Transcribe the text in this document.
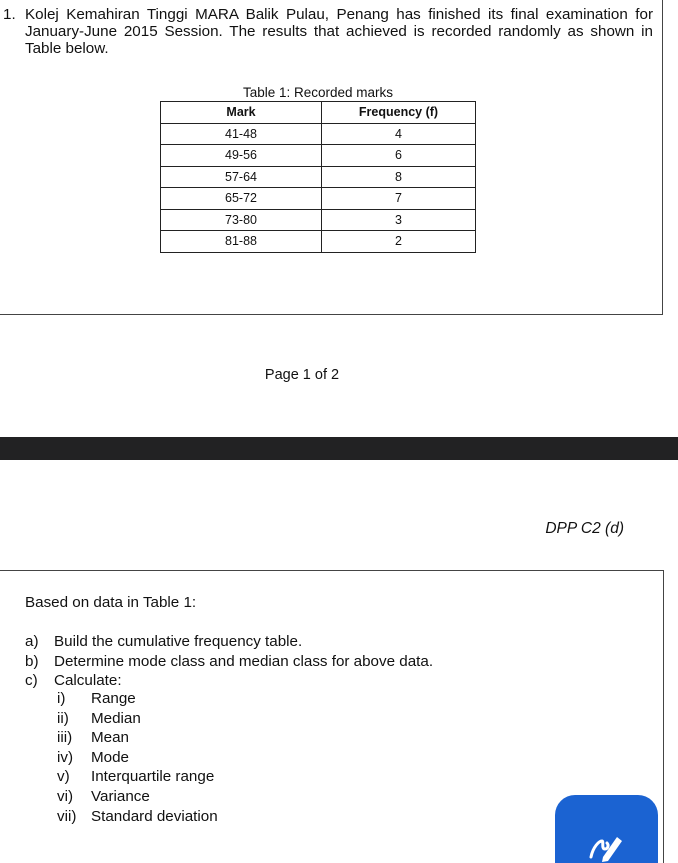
1. Kolej Kemahiran Tinggi MARA Balik Pulau, Penang has finished its final examination for January-June 2015 Session. The results that achieved is recorded randomly as shown in Table below.

Table 1: Recorded marks
Mark	Frequency (f)
41-48	4
49-56	6
57-64	8
65-72	7
73-80	3
81-88	2
Page 1 of 2
DPP C2 (d)
Based on data in Table 1:
a) Build the cumulative frequency table.
b) Determine mode class and median class for above data.
c) Calculate:
i) Range
ii) Median
iii) Mean
iv) Mode
v) Interquartile range
vi) Variance
vii) Standard deviation
